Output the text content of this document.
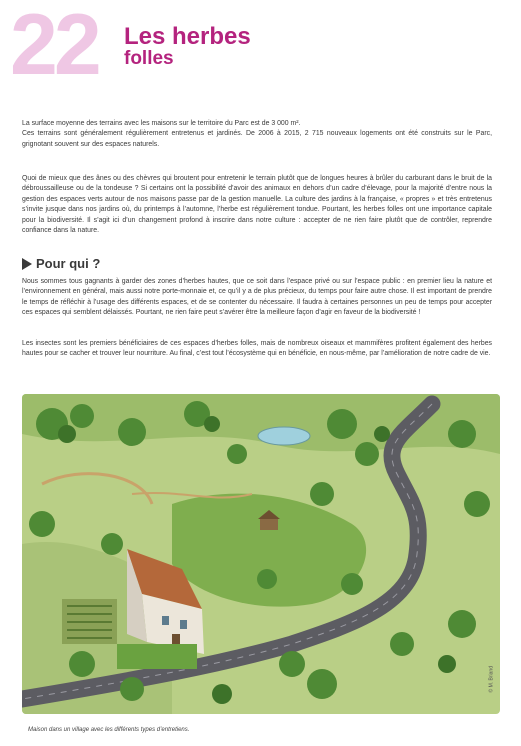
22 Les herbes
folles
La surface moyenne des terrains avec les maisons sur le territoire du Parc est de 3 000 m².
Ces terrains sont généralement régulièrement entretenus et jardinés. De 2006 à 2015, 2 715 nouveaux logements ont été construits sur le Parc, grignotant souvent sur des espaces naturels.

Quoi de mieux que des ânes ou des chèvres qui broutent pour entretenir le terrain plutôt que de longues heures à brûler du carburant dans le bruit de la débroussailleuse ou de la tondeuse ? Si certains ont la possibilité d’avoir des animaux en dehors d’un cadre d’élevage, pour la majorité d’entre nous la gestion des espaces verts autour de nos maisons passe par de la gestion manuelle. La culture des jardins à la française, « propres » et très entretenus s’invite jusque dans nos jardins où, du printemps à l’automne, l’herbe est régulièrement tondue. Pourtant, les herbes folles ont une importance capitale pour la biodiversité. Il s’agit ici d’un changement profond à inscrire dans notre culture : accepter de ne rien faire plutôt que de contrôler, reprendre confiance dans la nature.

Pour qui ?

Nous sommes tous gagnants à garder des zones d’herbes hautes, que ce soit dans l’espace privé ou sur l’espace public : en premier lieu la nature et l’environnement en général, mais aussi notre porte-monnaie et, ce qu’il y a de plus précieux, du temps pour faire autre chose. Il est important de prendre le temps de réfléchir à l’usage des différents espaces, et de se contenter du nécessaire. Il faudra à certaines personnes un peu de temps pour accepter ces espaces qui semblent délaissés. Pourtant, ne rien faire peut s’avérer être la meilleure façon d’agir en faveur de la biodiversité !

Les insectes sont les premiers bénéficiaires de ces espaces d’herbes folles, mais de nombreux oiseaux et mammifères profitent également des herbes hautes pour se cacher et trouver leur nourriture. Au final, c’est tout l’écosystème qui en bénéficie, en nous-même, par l’amélioration de notre cadre de vie.

© M. Briand

Maison dans un village avec les différents types d’entretiens.
